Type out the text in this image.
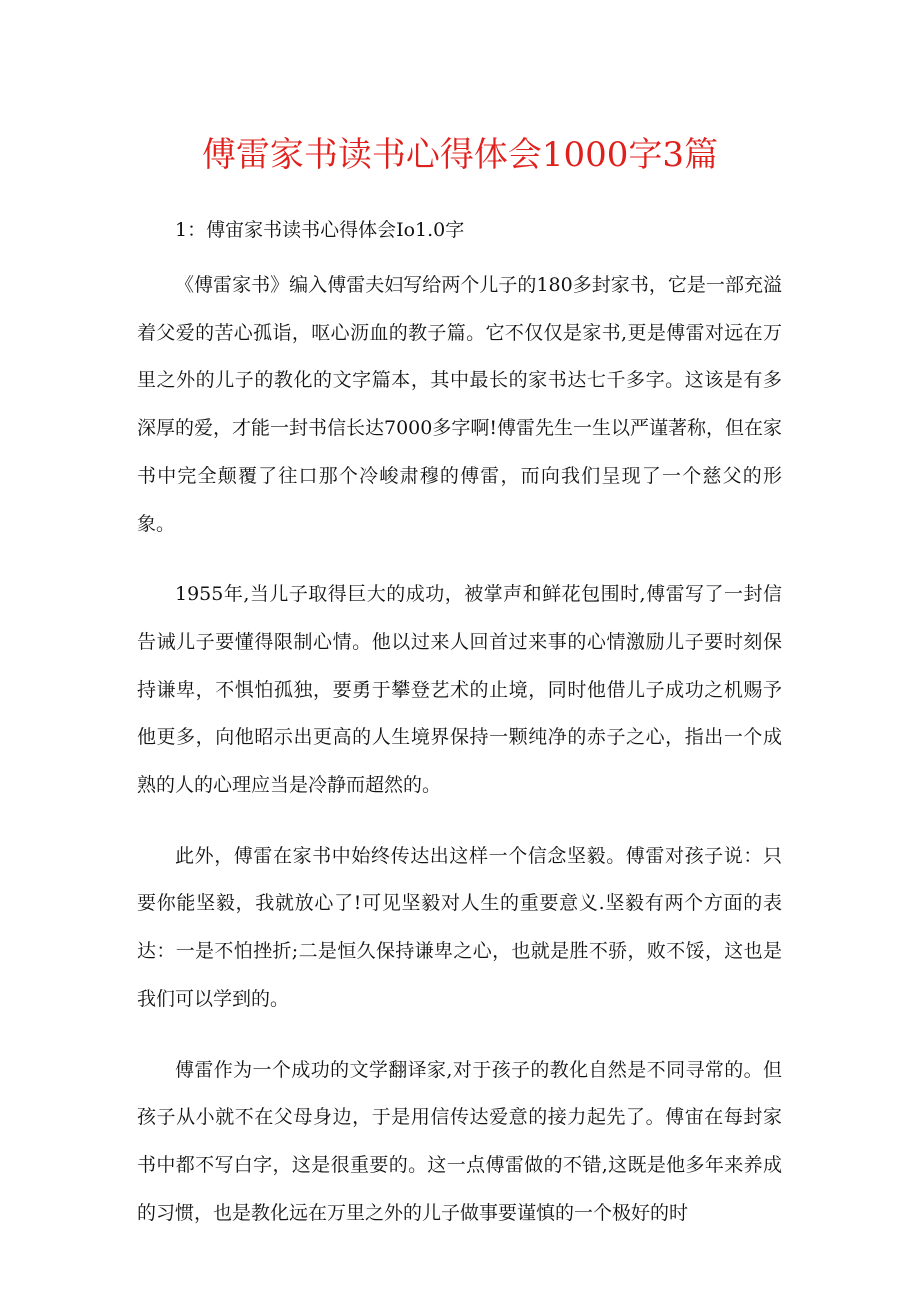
傅雷家书读书心得体会1000字3篇
1：傅宙家书读书心得体会Io1.0字

《傅雷家书》编入傅雷夫妇写给两个儿子的180多封家书，它是一部充溢着父爱的苦心孤诣，呕心沥血的教子篇。它不仅仅是家书,更是傅雷对远在万里之外的儿子的教化的文字篇本，其中最长的家书达七千多字。这该是有多深厚的爱，才能一封书信长达7000多字啊!傅雷先生一生以严谨著称，但在家书中完全颠覆了往口那个冷峻肃穆的傅雷，而向我们呈现了一个慈父的形象。

1955年,当儿子取得巨大的成功，被掌声和鲜花包围时,傅雷写了一封信告诫儿子要懂得限制心情。他以过来人回首过来事的心情激励儿子要时刻保持谦卑，不惧怕孤独，要勇于攀登艺术的止境，同时他借儿子成功之机赐予他更多，向他昭示出更高的人生境界保持一颗纯净的赤子之心，指出一个成熟的人的心理应当是冷静而超然的。

此外，傅雷在家书中始终传达出这样一个信念坚毅。傅雷对孩子说：只要你能坚毅，我就放心了!可见坚毅对人生的重要意义.坚毅有两个方面的表达：一是不怕挫折;二是恒久保持谦卑之心，也就是胜不骄，败不馁，这也是我们可以学到的。

傅雷作为一个成功的文学翻译家,对于孩子的教化自然是不同寻常的。但孩子从小就不在父母身边，于是用信传达爱意的接力起先了。傅宙在每封家书中都不写白字，这是很重要的。这一点傅雷做的不错,这既是他多年来养成的习惯，也是教化远在万里之外的儿子做事要谨慎的一个极好的时
